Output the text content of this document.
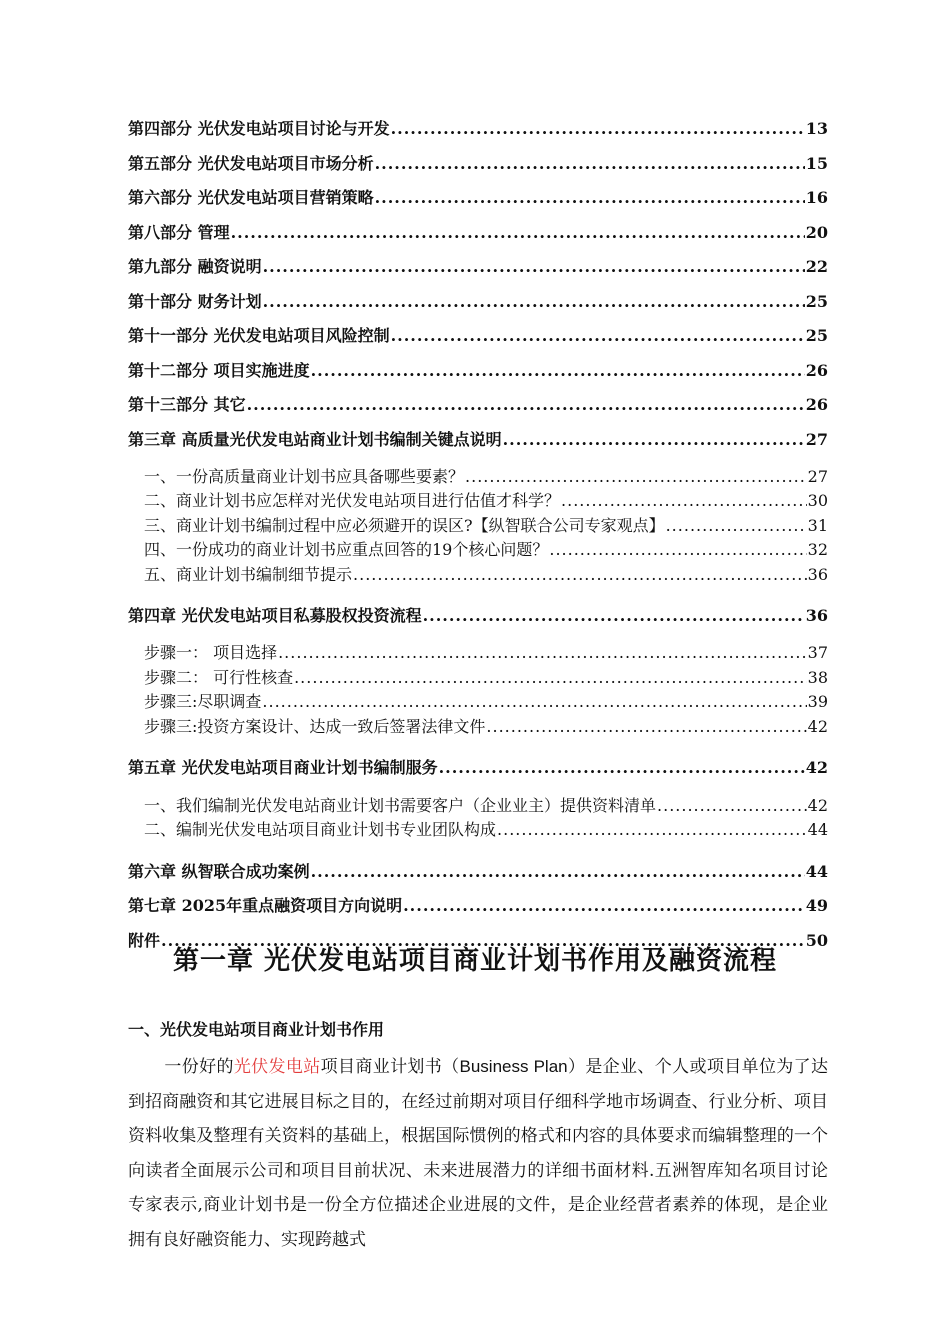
第四部分 光伏发电站项目讨论与开发 .....	13
第五部分 光伏发电站项目市场分析 .....	15
第六部分 光伏发电站项目营销策略 .....	16
第八部分 管理 .....	20
第九部分 融资说明 .....	22
第十部分 财务计划 .....	25
第十一部分 光伏发电站项目风险控制 .....	25
第十二部分 项目实施进度 .....	26
第十三部分 其它 .....	26
第三章 高质量光伏发电站商业计划书编制关键点说明 .....	27
一、一份高质量商业计划书应具备哪些要素？ .....	27
二、商业计划书应怎样对光伏发电站项目进行估值才科学？ .....	30
三、商业计划书编制过程中应必须避开的误区?【纵智联合公司专家观点】 .....	31
四、一份成功的商业计划书应重点回答的19个核心问题？ .....	32
五、商业计划书编制细节提示 .....	36
第四章 光伏发电站项目私募股权投资流程 .....	36
步骤一： 项目选择 .....	37
步骤二： 可行性核查 .....	38
步骤三:尽职调查 .....	39
步骤三:投资方案设计、达成一致后签署法律文件 .....	42
第五章 光伏发电站项目商业计划书编制服务 .....	42
一、我们编制光伏发电站商业计划书需要客户（企业业主）提供资料清单 .....	42
二、编制光伏发电站项目商业计划书专业团队构成 .....	44
第六章 纵智联合成功案例 .....	44
第七章 2025年重点融资项目方向说明 .....	49
附件 .....	50
第一章 光伏发电站项目商业计划书作用及融资流程
一、光伏发电站项目商业计划书作用
一份好的光伏发电站项目商业计划书（Business Plan）是企业、个人或项目单位为了达到招商融资和其它进展目标之目的，在经过前期对项目仔细科学地市场调查、行业分析、项目资料收集及整理有关资料的基础上，根据国际惯例的格式和内容的具体要求而编辑整理的一个向读者全面展示公司和项目目前状况、未来进展潜力的详细书面材料.五洲智库知名项目讨论专家表示,商业计划书是一份全方位描述企业进展的文件，是企业经营者素养的体现，是企业拥有良好融资能力、实现跨越式
